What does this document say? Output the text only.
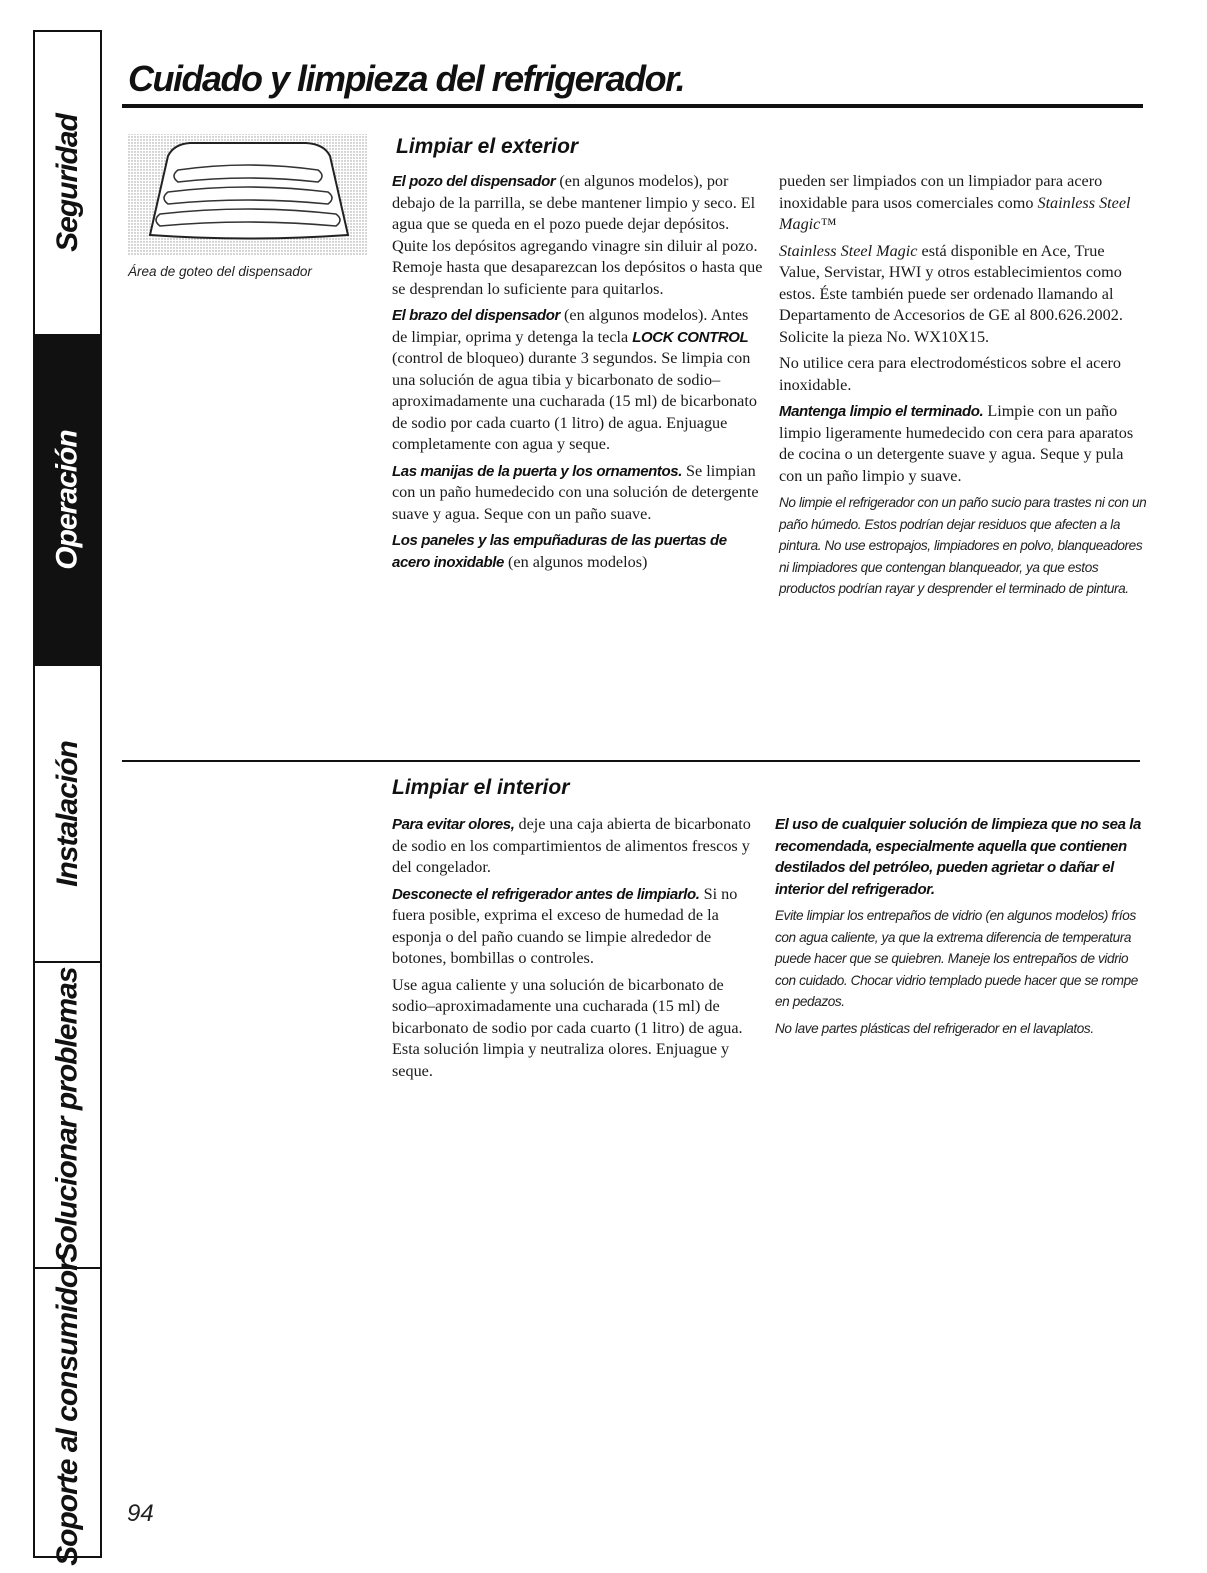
Seguridad
Operación
Instalación
Solucionar problemas
Soporte al consumidor
Cuidado y limpieza del refrigerador.

Área de goteo del dispensador

Limpiar el exterior

El pozo del dispensador (en algunos modelos), por debajo de la parrilla, se debe mantener limpio y seco. El agua que se queda en el pozo puede dejar depósitos. Quite los depósitos agregando vinagre sin diluir al pozo. Remoje hasta que desaparezcan los depósitos o hasta que se desprendan lo suficiente para quitarlos.

El brazo del dispensador (en algunos modelos). Antes de limpiar, oprima y detenga la tecla LOCK CONTROL (control de bloqueo) durante 3 segundos. Se limpia con una solución de agua tibia y bicarbonato de sodio–aproximadamente una cucharada (15 ml) de bicarbonato de sodio por cada cuarto (1 litro) de agua. Enjuague completamente con agua y seque.

Las manijas de la puerta y los ornamentos. Se limpian con un paño humedecido con una solución de detergente suave y agua. Seque con un paño suave.

Los paneles y las empuñaduras de las puertas de acero inoxidable (en algunos modelos)

pueden ser limpiados con un limpiador para acero inoxidable para usos comerciales como Stainless Steel Magic™

Stainless Steel Magic está disponible en Ace, True Value, Servistar, HWI y otros establecimientos como estos. Éste también puede ser ordenado llamando al Departamento de Accesorios de GE al 800.626.2002. Solicite la pieza No. WX10X15.

No utilice cera para electrodomésticos sobre el acero inoxidable.

Mantenga limpio el terminado. Limpie con un paño limpio ligeramente humedecido con cera para aparatos de cocina o un detergente suave y agua. Seque y pula con un paño limpio y suave.

No limpie el refrigerador con un paño sucio para trastes ni con un paño húmedo. Estos podrían dejar residuos que afecten a la pintura. No use estropajos, limpiadores en polvo, blanqueadores ni limpiadores que contengan blanqueador, ya que estos productos podrían rayar y desprender el terminado de pintura.

Limpiar el interior

Para evitar olores, deje una caja abierta de bicarbonato de sodio en los compartimientos de alimentos frescos y del congelador.

Desconecte el refrigerador antes de limpiarlo. Si no fuera posible, exprima el exceso de humedad de la esponja o del paño cuando se limpie alrededor de botones, bombillas o controles.

Use agua caliente y una solución de bicarbonato de sodio–aproximadamente una cucharada (15 ml) de bicarbonato de sodio por cada cuarto (1 litro) de agua. Esta solución limpia y neutraliza olores. Enjuague y seque.

El uso de cualquier solución de limpieza que no sea la recomendada, especialmente aquella que contienen destilados del petróleo, pueden agrietar o dañar el interior del refrigerador.

Evite limpiar los entrepaños de vidrio (en algunos modelos) fríos con agua caliente, ya que la extrema diferencia de temperatura puede hacer que se quiebren. Maneje los entrepaños de vidrio con cuidado. Chocar vidrio templado puede hacer que se rompe en pedazos.

No lave partes plásticas del refrigerador en el lavaplatos.

94
